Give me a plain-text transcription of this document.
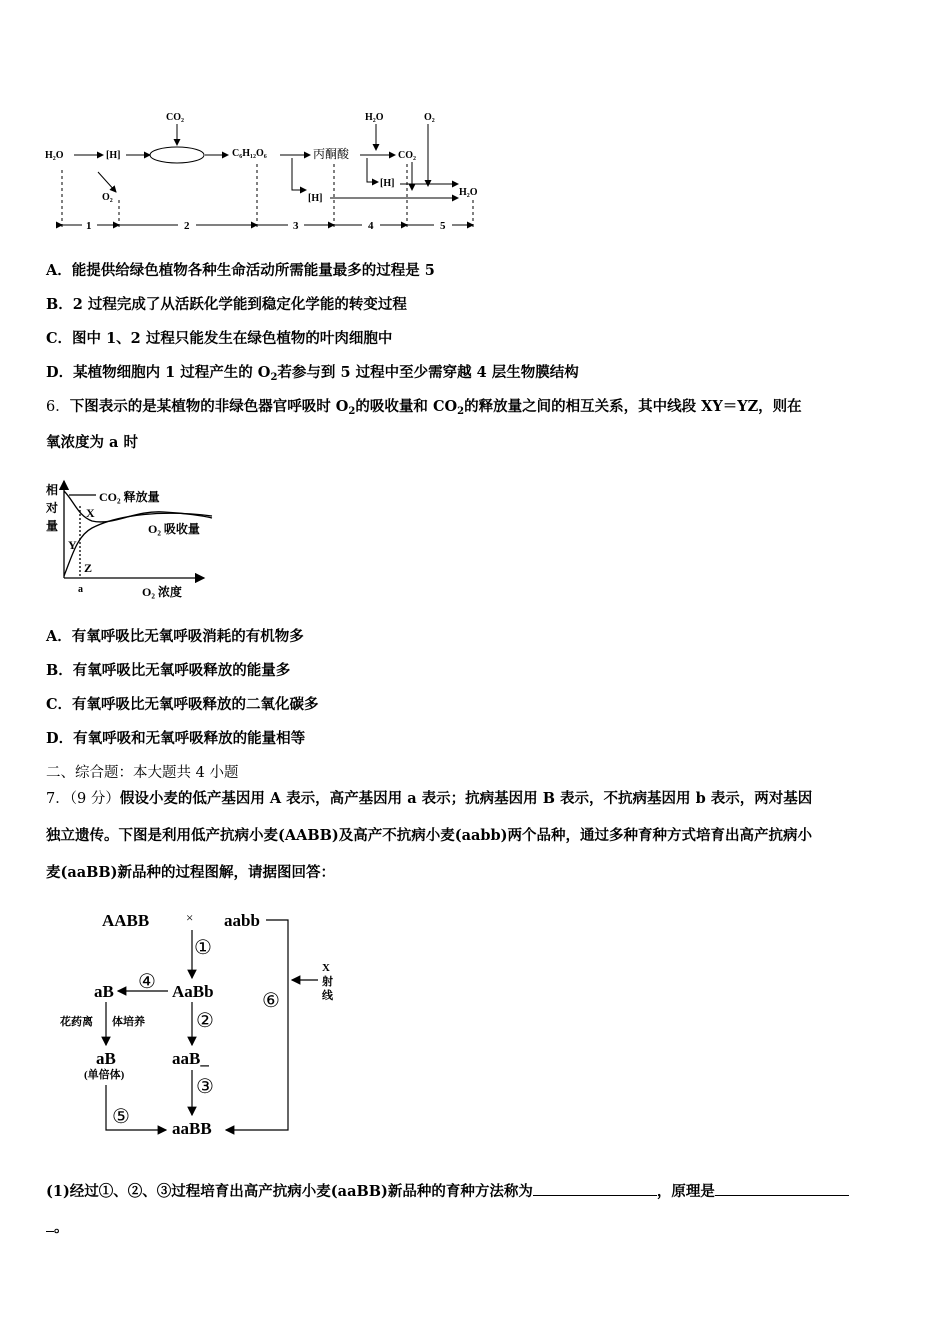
H₂O	[H]
CO₂
O₂
C₆H₁₂O₆	丙酮酸
[H]
H₂O	O₂
CO₂
[H]
H₂O
1	2	3	4	5
A．能提供给绿色植物各种生命活动所需能量最多的过程是 5
B．2 过程完成了从活跃化学能到稳定化学能的转变过程
C．图中 1、2 过程只能发生在绿色植物的叶肉细胞中
D．某植物细胞内 1 过程产生的 $O_2$若参与到 5 过程中至少需穿越 4 层生物膜结构
6．下图表示的是某植物的非绿色器官呼吸时 $O_2$的吸收量和 $CO_2$的释放量之间的相互关系，其中线段 XY＝YZ，则在
氧浓度为 a 时
相
对
量
CO₂ 释放量
O₂ 吸收量
O₂ 浓度
a
X
Y
Z
A．有氧呼吸比无氧呼吸消耗的有机物多
B．有氧呼吸比无氧呼吸释放的能量多
C．有氧呼吸比无氧呼吸释放的二氧化碳多
D．有氧呼吸和无氧呼吸释放的能量相等
二、综合题：本大题共 4 小题
7．（9 分）假设小麦的低产基因用 A 表示，高产基因用 a 表示；抗病基因用 B 表示，不抗病基因用 b 表示，两对基因
独立遗传。下图是利用低产抗病小麦(AABB)及高产不抗病小麦(aabb)两个品种，通过多种育种方式培育出高产抗病小
麦(aaBB)新品种的过程图解，请据图回答：
AABB	× aabb
①
AaBb
④
aB
②
aB	aaB_
③
⑤
aaBB
⑥
花药离 体培养
(单倍体)
X
射
线
(1)经过①、②、③过程培育出高产抗病小麦(aaBB)新品种的育种方法称为	，原理是
。
